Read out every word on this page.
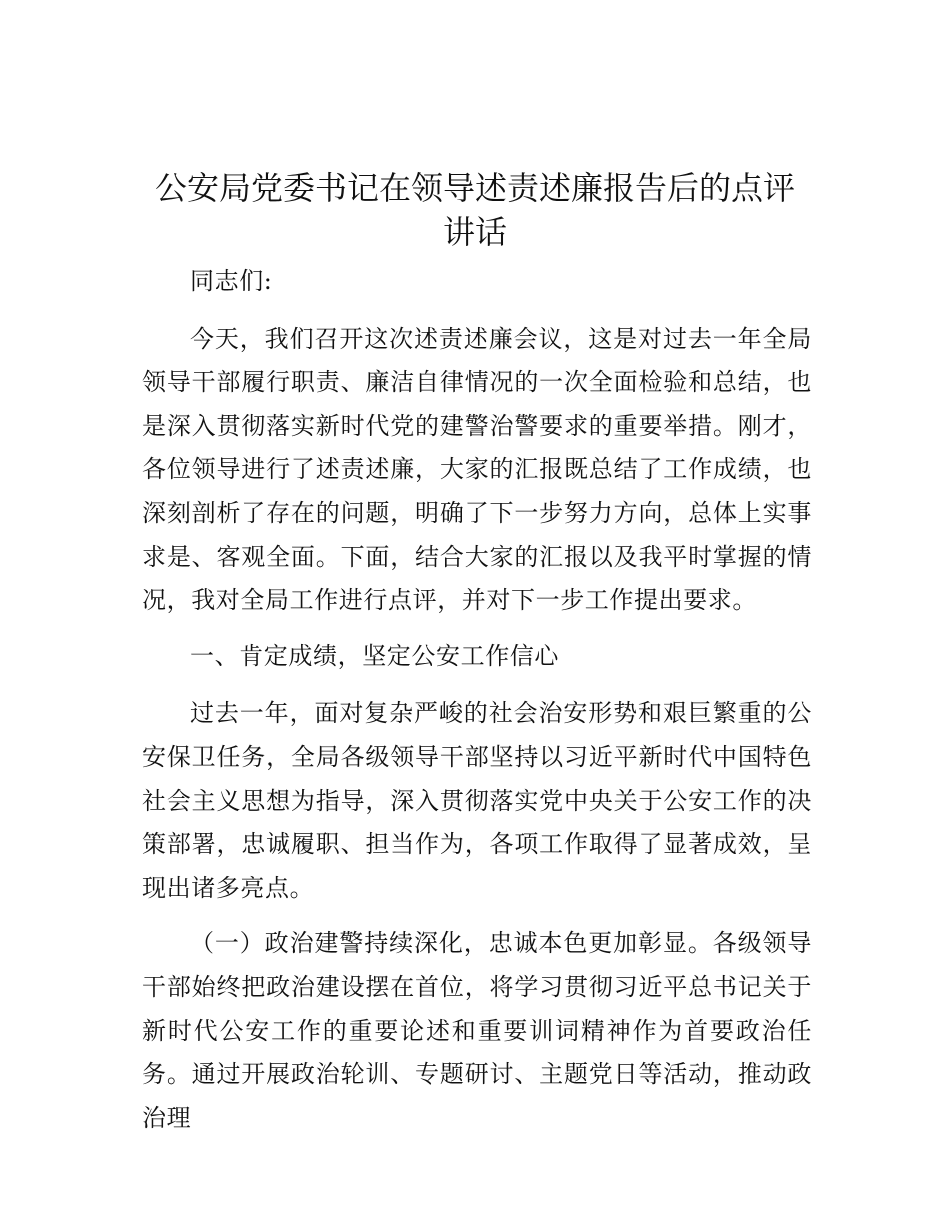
公安局党委书记在领导述责述廉报告后的点评讲话

同志们:

今天，我们召开这次述责述廉会议，这是对过去一年全局领导干部履行职责、廉洁自律情况的一次全面检验和总结，也是深入贯彻落实新时代党的建警治警要求的重要举措。刚才，各位领导进行了述责述廉，大家的汇报既总结了工作成绩，也深刻剖析了存在的问题，明确了下一步努力方向，总体上实事求是、客观全面。下面，结合大家的汇报以及我平时掌握的情况，我对全局工作进行点评，并对下一步工作提出要求。

一、肯定成绩，坚定公安工作信心

过去一年，面对复杂严峻的社会治安形势和艰巨繁重的公安保卫任务，全局各级领导干部坚持以习近平新时代中国特色社会主义思想为指导，深入贯彻落实党中央关于公安工作的决策部署，忠诚履职、担当作为，各项工作取得了显著成效，呈现出诸多亮点。

（一）政治建警持续深化，忠诚本色更加彰显。各级领导干部始终把政治建设摆在首位，将学习贯彻习近平总书记关于新时代公安工作的重要论述和重要训词精神作为首要政治任务。通过开展政治轮训、专题研讨、主题党日等活动，推动政治理
